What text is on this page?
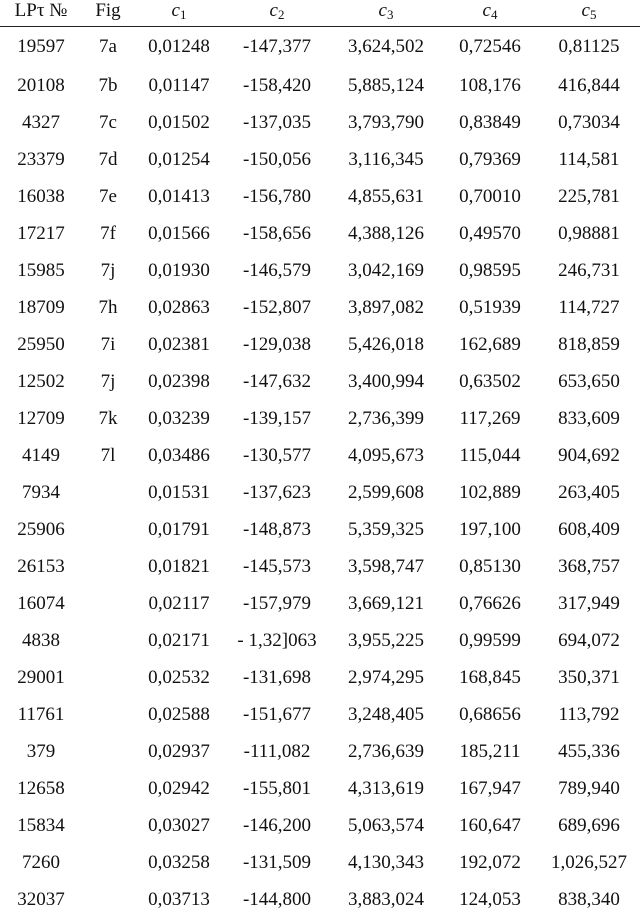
LPτ №	Fig	$c_1$	$c_2$	$c_3$	$c_4$	$c_5$
19597	7a	0,01248	-147,377	3,624,502	0,72546	0,81125
20108	7b	0,01147	-158,420	5,885,124	108,176	416,844
4327	7c	0,01502	-137,035	3,793,790	0,83849	0,73034
23379	7d	0,01254	-150,056	3,116,345	0,79369	114,581
16038	7e	0,01413	-156,780	4,855,631	0,70010	225,781
17217	7f	0,01566	-158,656	4,388,126	0,49570	0,98881
15985	7j	0,01930	-146,579	3,042,169	0,98595	246,731
18709	7h	0,02863	-152,807	3,897,082	0,51939	114,727
25950	7i	0,02381	-129,038	5,426,018	162,689	818,859
12502	7j	0,02398	-147,632	3,400,994	0,63502	653,650
12709	7k	0,03239	-139,157	2,736,399	117,269	833,609
4149	7l	0,03486	-130,577	4,095,673	115,044	904,692
7934		0,01531	-137,623	2,599,608	102,889	263,405
25906		0,01791	-148,873	5,359,325	197,100	608,409
26153		0,01821	-145,573	3,598,747	0,85130	368,757
16074		0,02117	-157,979	3,669,121	0,76626	317,949
4838		0,02171	- 1,32]063	3,955,225	0,99599	694,072
29001		0,02532	-131,698	2,974,295	168,845	350,371
11761		0,02588	-151,677	3,248,405	0,68656	113,792
379		0,02937	-111,082	2,736,639	185,211	455,336
12658		0,02942	-155,801	4,313,619	167,947	789,940
15834		0,03027	-146,200	5,063,574	160,647	689,696
7260		0,03258	-131,509	4,130,343	192,072	1,026,527
32037		0,03713	-144,800	3,883,024	124,053	838,340
